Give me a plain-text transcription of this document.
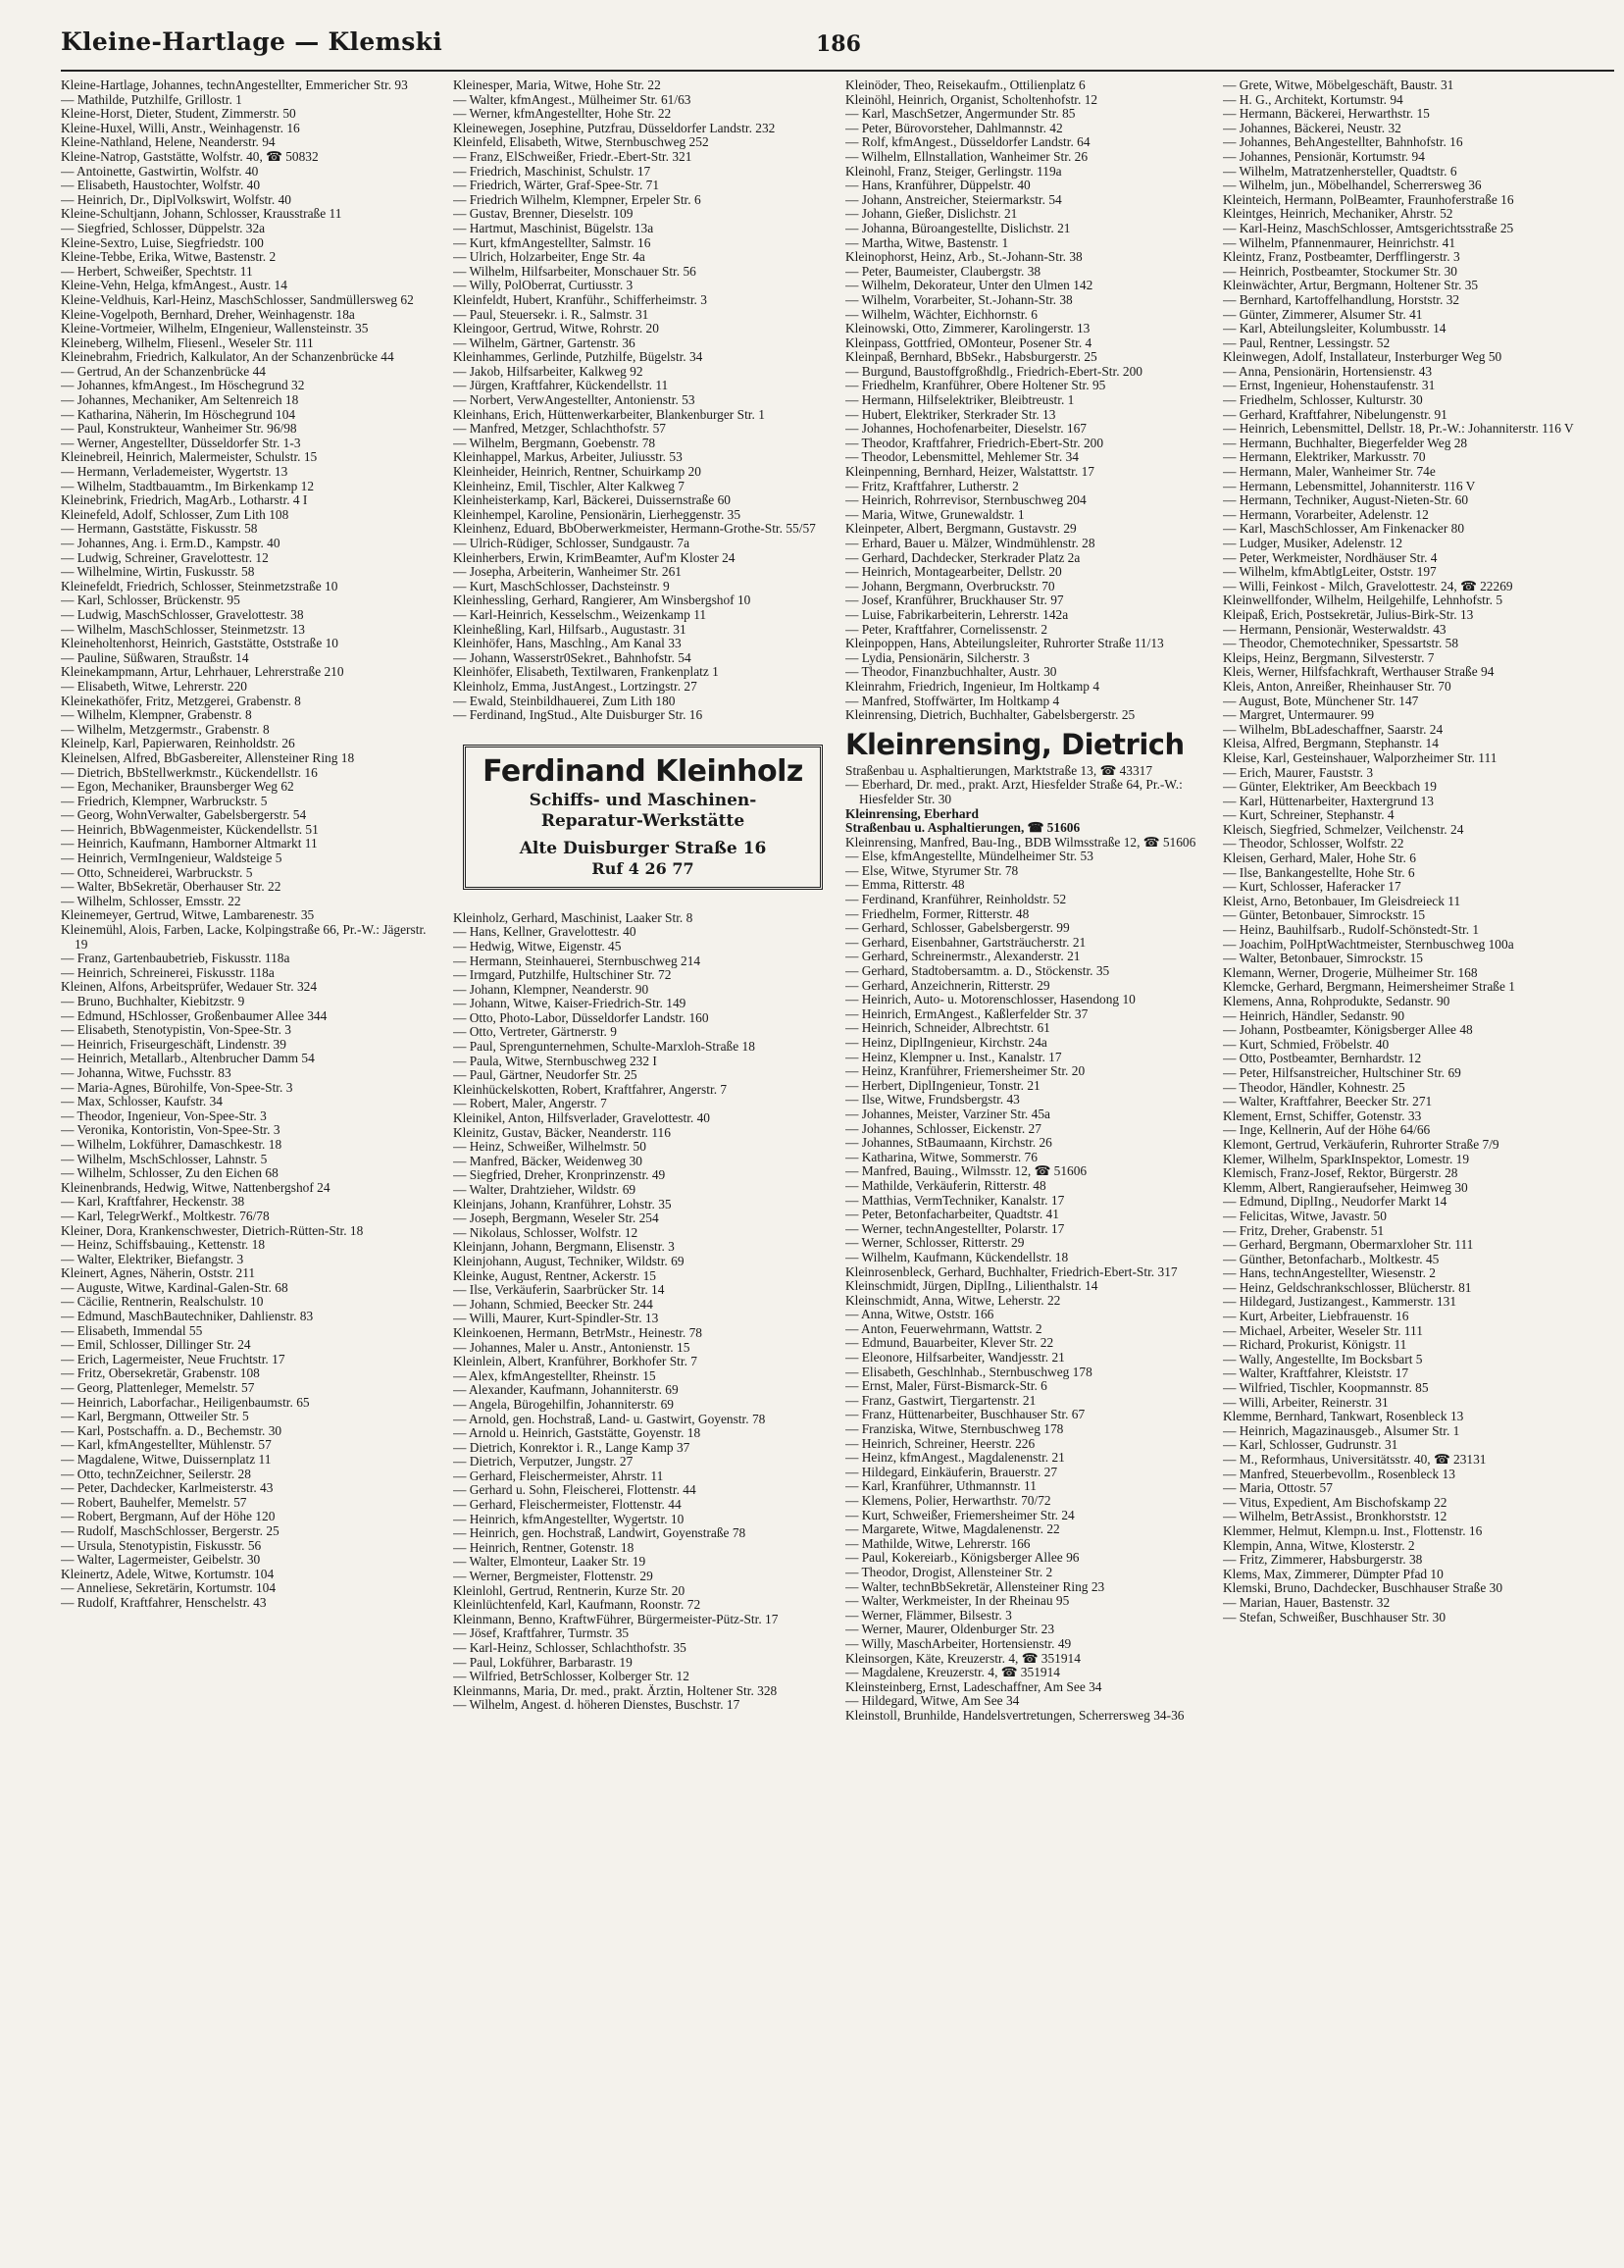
Kleine-Hartlage — Klemski	186
Kleine-Hartlage, Johannes, technAngestellter, Emmericher Str. 93
— Mathilde, Putzhilfe, Grillostr. 1
Kleine-Horst, Dieter, Student, Zimmerstr. 50
Kleine-Huxel, Willi, Anstr., Weinhagenstr. 16
Kleine-Nathland, Helene, Neanderstr. 94
Kleine-Natrop, Gaststätte, Wolfstr. 40, ☎ 50832
— Antoinette, Gastwirtin, Wolfstr. 40
— Elisabeth, Haustochter, Wolfstr. 40
— Heinrich, Dr., DiplVolkswirt, Wolfstr. 40
Kleine-Schultjann, Johann, Schlosser, Krausstraße 11
— Siegfried, Schlosser, Düppelstr. 32a
Kleine-Sextro, Luise, Siegfriedstr. 100
Kleine-Tebbe, Erika, Witwe, Bastenstr. 2
— Herbert, Schweißer, Spechtstr. 11
Kleine-Vehn, Helga, kfmAngest., Austr. 14
Kleine-Veldhuis, Karl-Heinz, MaschSchlosser, Sandmüllersweg 62
Kleine-Vogelpoth, Bernhard, Dreher, Weinhagenstr. 18a
Kleine-Vortmeier, Wilhelm, EIngenieur, Wallensteinstr. 35
Kleineberg, Wilhelm, Fliesenl., Weseler Str. 111
Kleinebrahm, Friedrich, Kalkulator, An der Schanzenbrücke 44
— Gertrud, An der Schanzenbrücke 44
— Johannes, kfmAngest., Im Höschegrund 32
— Johannes, Mechaniker, Am Seltenreich 18
— Katharina, Näherin, Im Höschegrund 104
— Paul, Konstrukteur, Wanheimer Str. 96/98
— Werner, Angestellter, Düsseldorfer Str. 1-3
Kleinebreil, Heinrich, Malermeister, Schulstr. 15
— Hermann, Verlademeister, Wygertstr. 13
— Wilhelm, Stadtbauamtm., Im Birkenkamp 12
Kleinebrink, Friedrich, MagArb., Lotharstr. 4 I
Kleinefeld, Adolf, Schlosser, Zum Lith 108
— Hermann, Gaststätte, Fiskusstr. 58
— Johannes, Ang. i. Erm.D., Kampstr. 40
— Ludwig, Schreiner, Gravelottestr. 12
— Wilhelmine, Wirtin, Fuskusstr. 58
Kleinefeldt, Friedrich, Schlosser, Steinmetzstraße 10
— Karl, Schlosser, Brückenstr. 95
— Ludwig, MaschSchlosser, Gravelottestr. 38
— Wilhelm, MaschSchlosser, Steinmetzstr. 13
Kleineholtenhorst, Heinrich, Gaststätte, Oststraße 10
— Pauline, Süßwaren, Straußstr. 14
Kleinekampmann, Artur, Lehrhauer, Lehrerstraße 210
— Elisabeth, Witwe, Lehrerstr. 220
Kleinekathöfer, Fritz, Metzgerei, Grabenstr. 8
— Wilhelm, Klempner, Grabenstr. 8
— Wilhelm, Metzgermstr., Grabenstr. 8
Kleinelp, Karl, Papierwaren, Reinholdstr. 26
Kleinelsen, Alfred, BbGasbereiter, Allensteiner Ring 18
— Dietrich, BbStellwerkmstr., Kückendellstr. 16
— Egon, Mechaniker, Braunsberger Weg 62
— Friedrich, Klempner, Warbruckstr. 5
— Georg, WohnVerwalter, Gabelsbergerstr. 54
— Heinrich, BbWagenmeister, Kückendellstr. 51
— Heinrich, Kaufmann, Hamborner Altmarkt 11
— Heinrich, VermIngenieur, Waldsteige 5
— Otto, Schneiderei, Warbruckstr. 5
— Walter, BbSekretär, Oberhauser Str. 22
— Wilhelm, Schlosser, Emsstr. 22
Kleinemeyer, Gertrud, Witwe, Lambarenestr. 35
Kleinemühl, Alois, Farben, Lacke, Kolpingstraße 66, Pr.-W.: Jägerstr. 19
— Franz, Gartenbaubetrieb, Fiskusstr. 118a
— Heinrich, Schreinerei, Fiskusstr. 118a
Kleinen, Alfons, Arbeitsprüfer, Wedauer Str. 324
— Bruno, Buchhalter, Kiebitzstr. 9
— Edmund, HSchlosser, Großenbaumer Allee 344
— Elisabeth, Stenotypistin, Von-Spee-Str. 3
— Heinrich, Friseurgeschäft, Lindenstr. 39
— Heinrich, Metallarb., Altenbrucher Damm 54
— Johanna, Witwe, Fuchsstr. 83
— Maria-Agnes, Bürohilfe, Von-Spee-Str. 3
— Max, Schlosser, Kaufstr. 34
— Theodor, Ingenieur, Von-Spee-Str. 3
— Veronika, Kontoristin, Von-Spee-Str. 3
— Wilhelm, Lokführer, Damaschkestr. 18
— Wilhelm, MschSchlosser, Lahnstr. 5
— Wilhelm, Schlosser, Zu den Eichen 68
Kleinenbrands, Hedwig, Witwe, Nattenbergshof 24
— Karl, Kraftfahrer, Heckenstr. 38
— Karl, TelegrWerkf., Moltkestr. 76/78
Kleiner, Dora, Krankenschwester, Dietrich-Rütten-Str. 18
— Heinz, Schiffsbauing., Kettenstr. 18
— Walter, Elektriker, Biefangstr. 3
Kleinert, Agnes, Näherin, Oststr. 211
— Auguste, Witwe, Kardinal-Galen-Str. 68
— Cäcilie, Rentnerin, Realschulstr. 10
— Edmund, MaschBautechniker, Dahlienstr. 83
— Elisabeth, Immendal 55
— Emil, Schlosser, Dillinger Str. 24
— Erich, Lagermeister, Neue Fruchtstr. 17
— Fritz, Obersekretär, Grabenstr. 108
— Georg, Plattenleger, Memelstr. 57
— Heinrich, Laborfachar., Heiligenbaumstr. 65
— Karl, Bergmann, Ottweiler Str. 5
— Karl, Postschaffn. a. D., Bechemstr. 30
— Karl, kfmAngestellter, Mühlenstr. 57
— Magdalene, Witwe, Duissernplatz 11
— Otto, technZeichner, Seilerstr. 28
— Peter, Dachdecker, Karlmeisterstr. 43
— Robert, Bauhelfer, Memelstr. 57
— Robert, Bergmann, Auf der Höhe 120
— Rudolf, MaschSchlosser, Bergerstr. 25
— Ursula, Stenotypistin, Fiskusstr. 56
— Walter, Lagermeister, Geibelstr. 30
Kleinertz, Adele, Witwe, Kortumstr. 104
— Anneliese, Sekretärin, Kortumstr. 104
— Rudolf, Kraftfahrer, Henschelstr. 43
Kleinesper, Maria, Witwe, Hohe Str. 22
— Walter, kfmAngest., Mülheimer Str. 61/63
— Werner, kfmAngestellter, Hohe Str. 22
Kleinewegen, Josephine, Putzfrau, Düsseldorfer Landstr. 232
Kleinfeld, Elisabeth, Witwe, Sternbuschweg 252
— Franz, ElSchweißer, Friedr.-Ebert-Str. 321
— Friedrich, Maschinist, Schulstr. 17
— Friedrich, Wärter, Graf-Spee-Str. 71
— Friedrich Wilhelm, Klempner, Erpeler Str. 6
— Gustav, Brenner, Dieselstr. 109
— Hartmut, Maschinist, Bügelstr. 13a
— Kurt, kfmAngestellter, Salmstr. 16
— Ulrich, Holzarbeiter, Enge Str. 4a
— Wilhelm, Hilfsarbeiter, Monschauer Str. 56
— Willy, PolOberrat, Curtiusstr. 3
Kleinfeldt, Hubert, Kranführ., Schifferheimstr. 3
— Paul, Steuersekr. i. R., Salmstr. 31
Kleingoor, Gertrud, Witwe, Rohrstr. 20
— Wilhelm, Gärtner, Gartenstr. 36
Kleinhammes, Gerlinde, Putzhilfe, Bügelstr. 34
— Jakob, Hilfsarbeiter, Kalkweg 92
— Jürgen, Kraftfahrer, Kückendellstr. 11
— Norbert, VerwAngestellter, Antonienstr. 53
Kleinhans, Erich, Hüttenwerkarbeiter, Blankenburger Str. 1
— Manfred, Metzger, Schlachthofstr. 57
— Wilhelm, Bergmann, Goebenstr. 78
Kleinhappel, Markus, Arbeiter, Juliusstr. 53
Kleinheider, Heinrich, Rentner, Schuirkamp 20
Kleinheinz, Emil, Tischler, Alter Kalkweg 7
Kleinheisterkamp, Karl, Bäckerei, Duissernstraße 60
Kleinhempel, Karoline, Pensionärin, Lierheggenstr. 35
Kleinhenz, Eduard, BbOberwerkmeister, Hermann-Grothe-Str. 55/57
— Ulrich-Rüdiger, Schlosser, Sundgaustr. 7a
Kleinherbers, Erwin, KrimBeamter, Auf'm Kloster 24
— Josepha, Arbeiterin, Wanheimer Str. 261
— Kurt, MaschSchlosser, Dachsteinstr. 9
Kleinhessling, Gerhard, Rangierer, Am Winsbergshof 10
— Karl-Heinrich, Kesselschm., Weizenkamp 11
Kleinheßling, Karl, Hilfsarb., Augustastr. 31
Kleinhöfer, Hans, Maschlng., Am Kanal 33
— Johann, Wasserstr0Sekret., Bahnhofstr. 54
Kleinhöfer, Elisabeth, Textilwaren, Frankenplatz 1
Kleinholz, Emma, JustAngest., Lortzingstr. 27
— Ewald, Steinbildhauerei, Zum Lith 180
— Ferdinand, IngStud., Alte Duisburger Str. 16
Ferdinand Kleinholz
Schiffs- und Maschinen-
Reparatur-Werkstätte
Alte Duisburger Straße 16
Ruf 4 26 77
Kleinholz, Gerhard, Maschinist, Laaker Str. 8
— Hans, Kellner, Gravelottestr. 40
— Hedwig, Witwe, Eigenstr. 45
— Hermann, Steinhauerei, Sternbuschweg 214
— Irmgard, Putzhilfe, Hultschiner Str. 72
— Johann, Klempner, Neanderstr. 90
— Johann, Witwe, Kaiser-Friedrich-Str. 149
— Otto, Photo-Labor, Düsseldorfer Landstr. 160
— Otto, Vertreter, Gärtnerstr. 9
— Paul, Sprengunternehmen, Schulte-Marxloh-Straße 18
— Paula, Witwe, Sternbuschweg 232 I
— Paul, Gärtner, Neudorfer Str. 25
Kleinhückelskotten, Robert, Kraftfahrer, Angerstr. 7
— Robert, Maler, Angerstr. 7
Kleinikel, Anton, Hilfsverlader, Gravelottestr. 40
Kleinitz, Gustav, Bäcker, Neanderstr. 116
— Heinz, Schweißer, Wilhelmstr. 50
— Manfred, Bäcker, Weidenweg 30
— Siegfried, Dreher, Kronprinzenstr. 49
— Walter, Drahtzieher, Wildstr. 69
Kleinjans, Johann, Kranführer, Lohstr. 35
— Joseph, Bergmann, Weseler Str. 254
— Nikolaus, Schlosser, Wolfstr. 12
Kleinjann, Johann, Bergmann, Elisenstr. 3
Kleinjohann, August, Techniker, Wildstr. 69
Kleinke, August, Rentner, Ackerstr. 15
— Ilse, Verkäuferin, Saarbrücker Str. 14
— Johann, Schmied, Beecker Str. 244
— Willi, Maurer, Kurt-Spindler-Str. 13
Kleinkoenen, Hermann, BetrMstr., Heinestr. 78
— Johannes, Maler u. Anstr., Antonienstr. 15
Kleinlein, Albert, Kranführer, Borkhofer Str. 7
— Alex, kfmAngestellter, Rheinstr. 15
— Alexander, Kaufmann, Johanniterstr. 69
— Angela, Bürogehilfin, Johanniterstr. 69
— Arnold, gen. Hochstraß, Land- u. Gastwirt, Goyenstr. 78
— Arnold u. Heinrich, Gaststätte, Goyenstr. 18
— Dietrich, Konrektor i. R., Lange Kamp 37
— Dietrich, Verputzer, Jungstr. 27
— Gerhard, Fleischermeister, Ahrstr. 11
— Gerhard u. Sohn, Fleischerei, Flottenstr. 44
— Gerhard, Fleischermeister, Flottenstr. 44
— Heinrich, kfmAngestellter, Wygertstr. 10
— Heinrich, gen. Hochstraß, Landwirt, Goyenstraße 78
— Heinrich, Rentner, Gotenstr. 18
— Walter, Elmonteur, Laaker Str. 19
— Werner, Bergmeister, Flottenstr. 29
Kleinlohl, Gertrud, Rentnerin, Kurze Str. 20
Kleinlüchtenfeld, Karl, Kaufmann, Roonstr. 72
Kleinmann, Benno, KraftwFührer, Bürgermeister-Pütz-Str. 17
— Jösef, Kraftfahrer, Turmstr. 35
— Karl-Heinz, Schlosser, Schlachthofstr. 35
— Paul, Lokführer, Barbarastr. 19
— Wilfried, BetrSchlosser, Kolberger Str. 12
Kleinmanns, Maria, Dr. med., prakt. Ärztin, Holtener Str. 328
— Wilhelm, Angest. d. höheren Dienstes, Buschstr. 17
Kleinöder, Theo, Reisekaufm., Ottilienplatz 6
Kleinöhl, Heinrich, Organist, Scholtenhofstr. 12
— Karl, MaschSetzer, Angermunder Str. 85
— Peter, Bürovorsteher, Dahlmannstr. 42
— Rolf, kfmAngest., Düsseldorfer Landstr. 64
— Wilhelm, Ellnstallation, Wanheimer Str. 26
Kleinohl, Franz, Steiger, Gerlingstr. 119a
— Hans, Kranführer, Düppelstr. 40
— Johann, Anstreicher, Steiermarkstr. 54
— Johann, Gießer, Dislichstr. 21
— Johanna, Büroangestellte, Dislichstr. 21
— Martha, Witwe, Bastenstr. 1
Kleinophorst, Heinz, Arb., St.-Johann-Str. 38
— Peter, Baumeister, Claubergstr. 38
— Wilhelm, Dekorateur, Unter den Ulmen 142
— Wilhelm, Vorarbeiter, St.-Johann-Str. 38
— Wilhelm, Wächter, Eichhornstr. 6
Kleinowski, Otto, Zimmerer, Karolingerstr. 13
Kleinpass, Gottfried, OMonteur, Posener Str. 4
Kleinpaß, Bernhard, BbSekr., Habsburgerstr. 25
— Burgund, Baustoffgroßhdlg., Friedrich-Ebert-Str. 200
— Friedhelm, Kranführer, Obere Holtener Str. 95
— Hermann, Hilfselektriker, Bleibtreustr. 1
— Hubert, Elektriker, Sterkrader Str. 13
— Johannes, Hochofenarbeiter, Dieselstr. 167
— Theodor, Kraftfahrer, Friedrich-Ebert-Str. 200
— Theodor, Lebensmittel, Mehlemer Str. 34
Kleinpenning, Bernhard, Heizer, Walstattstr. 17
— Fritz, Kraftfahrer, Lutherstr. 2
— Heinrich, Rohrrevisor, Sternbuschweg 204
— Maria, Witwe, Grunewaldstr. 1
Kleinpeter, Albert, Bergmann, Gustavstr. 29
— Erhard, Bauer u. Mälzer, Windmühlenstr. 28
— Gerhard, Dachdecker, Sterkrader Platz 2a
— Heinrich, Montagearbeiter, Dellstr. 20
— Johann, Bergmann, Overbruckstr. 70
— Josef, Kranführer, Bruckhauser Str. 97
— Luise, Fabrikarbeiterin, Lehrerstr. 142a
— Peter, Kraftfahrer, Cornelissenstr. 2
Kleinpoppen, Hans, Abteilungsleiter, Ruhrorter Straße 11/13
— Lydia, Pensionärin, Silcherstr. 3
— Theodor, Finanzbuchhalter, Austr. 30
Kleinrahm, Friedrich, Ingenieur, Im Holtkamp 4
— Manfred, Stoffwärter, Im Holtkamp 4
Kleinrensing, Dietrich, Buchhalter, Gabelsbergerstr. 25
Kleinrensing, Dietrich
Straßenbau u. Asphaltierungen, Marktstraße 13, ☎ 43317
— Eberhard, Dr. med., prakt. Arzt, Hiesfelder Straße 64, Pr.-W.: Hiesfelder Str. 30
Kleinrensing, Eberhard
Straßenbau u. Asphaltierungen, ☎ 51606
Kleinrensing, Manfred, Bau-Ing., BDB Wilmsstraße 12, ☎ 51606
— Else, kfmAngestellte, Mündelheimer Str. 53
— Else, Witwe, Styrumer Str. 78
— Emma, Ritterstr. 48
— Ferdinand, Kranführer, Reinholdstr. 52
— Friedhelm, Former, Ritterstr. 48
— Gerhard, Schlosser, Gabelsbergerstr. 99
— Gerhard, Eisenbahner, Gartsträucherstr. 21
— Gerhard, Schreinermstr., Alexanderstr. 21
— Gerhard, Stadtobersamtm. a. D., Stöckenstr. 35
— Gerhard, Anzeichnerin, Ritterstr. 29
— Heinrich, Auto- u. Motorenschlosser, Hasendong 10
— Heinrich, ErmAngest., Kaßlerfelder Str. 37
— Heinrich, Schneider, Albrechtstr. 61
— Heinz, DiplIngenieur, Kirchstr. 24a
— Heinz, Klempner u. Inst., Kanalstr. 17
— Heinz, Kranführer, Friemersheimer Str. 20
— Herbert, DiplIngenieur, Tonstr. 21
— Ilse, Witwe, Frundsbergstr. 43
— Johannes, Meister, Varziner Str. 45a
— Johannes, Schlosser, Eickenstr. 27
— Johannes, StBaumaann, Kirchstr. 26
— Katharina, Witwe, Sommerstr. 76
— Manfred, Bauing., Wilmsstr. 12, ☎ 51606
— Mathilde, Verkäuferin, Ritterstr. 48
— Matthias, VermTechniker, Kanalstr. 17
— Peter, Betonfacharbeiter, Quadtstr. 41
— Werner, technAngestellter, Polarstr. 17
— Werner, Schlosser, Ritterstr. 29
— Wilhelm, Kaufmann, Kückendellstr. 18
Kleinrosenbleck, Gerhard, Buchhalter, Friedrich-Ebert-Str. 317
Kleinschmidt, Jürgen, DiplIng., Lilienthalstr. 14
Kleinschmidt, Anna, Witwe, Leherstr. 22
— Anna, Witwe, Oststr. 166
— Anton, Feuerwehrmann, Wattstr. 2
— Edmund, Bauarbeiter, Klever Str. 22
— Eleonore, Hilfsarbeiter, Wandjesstr. 21
— Elisabeth, Geschlnhab., Sternbuschweg 178
— Ernst, Maler, Fürst-Bismarck-Str. 6
— Franz, Gastwirt, Tiergartenstr. 21
— Franz, Hüttenarbeiter, Buschhauser Str. 67
— Franziska, Witwe, Sternbuschweg 178
— Heinrich, Schreiner, Heerstr. 226
— Heinz, kfmAngest., Magdalenenstr. 21
— Hildegard, Einkäuferin, Brauerstr. 27
— Karl, Kranführer, Uthmannstr. 11
— Klemens, Polier, Herwarthstr. 70/72
— Kurt, Schweißer, Friemersheimer Str. 24
— Margarete, Witwe, Magdalenenstr. 22
— Mathilde, Witwe, Lehrerstr. 166
— Paul, Kokereiarb., Königsberger Allee 96
— Theodor, Drogist, Allensteiner Str. 2
— Walter, technBbSekretär, Allensteiner Ring 23
— Walter, Werkmeister, In der Rheinau 95
— Werner, Flämmer, Bilsestr. 3
— Werner, Maurer, Oldenburger Str. 23
— Willy, MaschArbeiter, Hortensienstr. 49
Kleinsorgen, Käte, Kreuzerstr. 4, ☎ 351914
— Magdalene, Kreuzerstr. 4, ☎ 351914
Kleinsteinberg, Ernst, Ladeschaffner, Am See 34
— Hildegard, Witwe, Am See 34
Kleinstoll, Brunhilde, Handelsvertretungen, Scherrersweg 34-36
— Grete, Witwe, Möbelgeschäft, Baustr. 31
— H. G., Architekt, Kortumstr. 94
— Hermann, Bäckerei, Herwarthstr. 15
— Johannes, Bäckerei, Neustr. 32
— Johannes, BehAngestellter, Bahnhofstr. 16
— Johannes, Pensionär, Kortumstr. 94
— Wilhelm, Matratzenhersteller, Quadtstr. 6
— Wilhelm, jun., Möbelhandel, Scherrersweg 36
Kleinteich, Hermann, PolBeamter, Fraunhoferstraße 16
Kleintges, Heinrich, Mechaniker, Ahrstr. 52
— Karl-Heinz, MaschSchlosser, Amtsgerichtsstraße 25
— Wilhelm, Pfannenmaurer, Heinrichstr. 41
Kleintz, Franz, Postbeamter, Derfflingerstr. 3
— Heinrich, Postbeamter, Stockumer Str. 30
Kleinwächter, Artur, Bergmann, Holtener Str. 35
— Bernhard, Kartoffelhandlung, Horststr. 32
— Günter, Zimmerer, Alsumer Str. 41
— Karl, Abteilungsleiter, Kolumbusstr. 14
— Paul, Rentner, Lessingstr. 52
Kleinwegen, Adolf, Installateur, Insterburger Weg 50
— Anna, Pensionärin, Hortensienstr. 43
— Ernst, Ingenieur, Hohenstaufenstr. 31
— Friedhelm, Schlosser, Kulturstr. 30
— Gerhard, Kraftfahrer, Nibelungenstr. 91
— Heinrich, Lebensmittel, Dellstr. 18, Pr.-W.: Johanniterstr. 116 V
— Hermann, Buchhalter, Biegerfelder Weg 28
— Hermann, Elektriker, Markusstr. 70
— Hermann, Maler, Wanheimer Str. 74e
— Hermann, Lebensmittel, Johanniterstr. 116 V
— Hermann, Techniker, August-Nieten-Str. 60
— Hermann, Vorarbeiter, Adelenstr. 12
— Karl, MaschSchlosser, Am Finkenacker 80
— Ludger, Musiker, Adelenstr. 12
— Peter, Werkmeister, Nordhäuser Str. 4
— Wilhelm, kfmAbtlgLeiter, Oststr. 197
— Willi, Feinkost - Milch, Gravelottestr. 24, ☎ 22269
Kleinwellfonder, Wilhelm, Heilgehilfe, Lehnhofstr. 5
Kleipaß, Erich, Postsekretär, Julius-Birk-Str. 13
— Hermann, Pensionär, Westerwaldstr. 43
— Theodor, Chemotechniker, Spessartstr. 58
Kleips, Heinz, Bergmann, Silvesterstr. 7
Kleis, Werner, Hilfsfachkraft, Werthauser Straße 94
Kleis, Anton, Anreißer, Rheinhauser Str. 70
— August, Bote, Münchener Str. 147
— Margret, Untermaurer. 99
— Wilhelm, BbLadeschaffner, Saarstr. 24
Kleisa, Alfred, Bergmann, Stephanstr. 14
Kleise, Karl, Gesteinshauer, Walporzheimer Str. 111
— Erich, Maurer, Fauststr. 3
— Günter, Elektriker, Am Beeckbach 19
— Karl, Hüttenarbeiter, Haxtergrund 13
— Kurt, Schreiner, Stephanstr. 4
Kleisch, Siegfried, Schmelzer, Veilchenstr. 24
— Theodor, Schlosser, Wolfstr. 22
Kleisen, Gerhard, Maler, Hohe Str. 6
— Ilse, Bankangestellte, Hohe Str. 6
— Kurt, Schlosser, Haferacker 17
Kleist, Arno, Betonbauer, Im Gleisdreieck 11
— Günter, Betonbauer, Simrockstr. 15
— Heinz, Bauhilfsarb., Rudolf-Schönstedt-Str. 1
— Joachim, PolHptWachtmeister, Sternbuschweg 100a
— Walter, Betonbauer, Simrockstr. 15
Klemann, Werner, Drogerie, Mülheimer Str. 168
Klemcke, Gerhard, Bergmann, Heimersheimer Straße 1
Klemens, Anna, Rohprodukte, Sedanstr. 90
— Heinrich, Händler, Sedanstr. 90
— Johann, Postbeamter, Königsberger Allee 48
— Kurt, Schmied, Fröbelstr. 40
— Otto, Postbeamter, Bernhardstr. 12
— Peter, Hilfsanstreicher, Hultschiner Str. 69
— Theodor, Händler, Kohnestr. 25
— Walter, Kraftfahrer, Beecker Str. 271
Klement, Ernst, Schiffer, Gotenstr. 33
— Inge, Kellnerin, Auf der Höhe 64/66
Klemont, Gertrud, Verkäuferin, Ruhrorter Straße 7/9
Klemer, Wilhelm, SparkInspektor, Lomestr. 19
Klemisch, Franz-Josef, Rektor, Bürgerstr. 28
Klemm, Albert, Rangieraufseher, Heimweg 30
— Edmund, DiplIng., Neudorfer Markt 14
— Felicitas, Witwe, Javastr. 50
— Fritz, Dreher, Grabenstr. 51
— Gerhard, Bergmann, Obermarxloher Str. 111
— Günther, Betonfacharb., Moltkestr. 45
— Hans, technAngestellter, Wiesenstr. 2
— Heinz, Geldschrankschlosser, Blücherstr. 81
— Hildegard, Justizangest., Kammerstr. 131
— Kurt, Arbeiter, Liebfrauenstr. 16
— Michael, Arbeiter, Weseler Str. 111
— Richard, Prokurist, Königstr. 11
— Wally, Angestellte, Im Bocksbart 5
— Walter, Kraftfahrer, Kleiststr. 17
— Wilfried, Tischler, Koopmannstr. 85
— Willi, Arbeiter, Reinerstr. 31
Klemme, Bernhard, Tankwart, Rosenbleck 13
— Heinrich, Magazinausgeb., Alsumer Str. 1
— Karl, Schlosser, Gudrunstr. 31
— M., Reformhaus, Universitätsstr. 40, ☎ 23131
— Manfred, Steuerbevollm., Rosenbleck 13
— Maria, Ottostr. 57
— Vitus, Expedient, Am Bischofskamp 22
— Wilhelm, BetrAssist., Bronkhorststr. 12
Klemmer, Helmut, Klempn.u. Inst., Flottenstr. 16
Klempin, Anna, Witwe, Klosterstr. 2
— Fritz, Zimmerer, Habsburgerstr. 38
Klems, Max, Zimmerer, Dümpter Pfad 10
Klemski, Bruno, Dachdecker, Buschhauser Straße 30
— Marian, Hauer, Bastenstr. 32
— Stefan, Schweißer, Buschhauser Str. 30
